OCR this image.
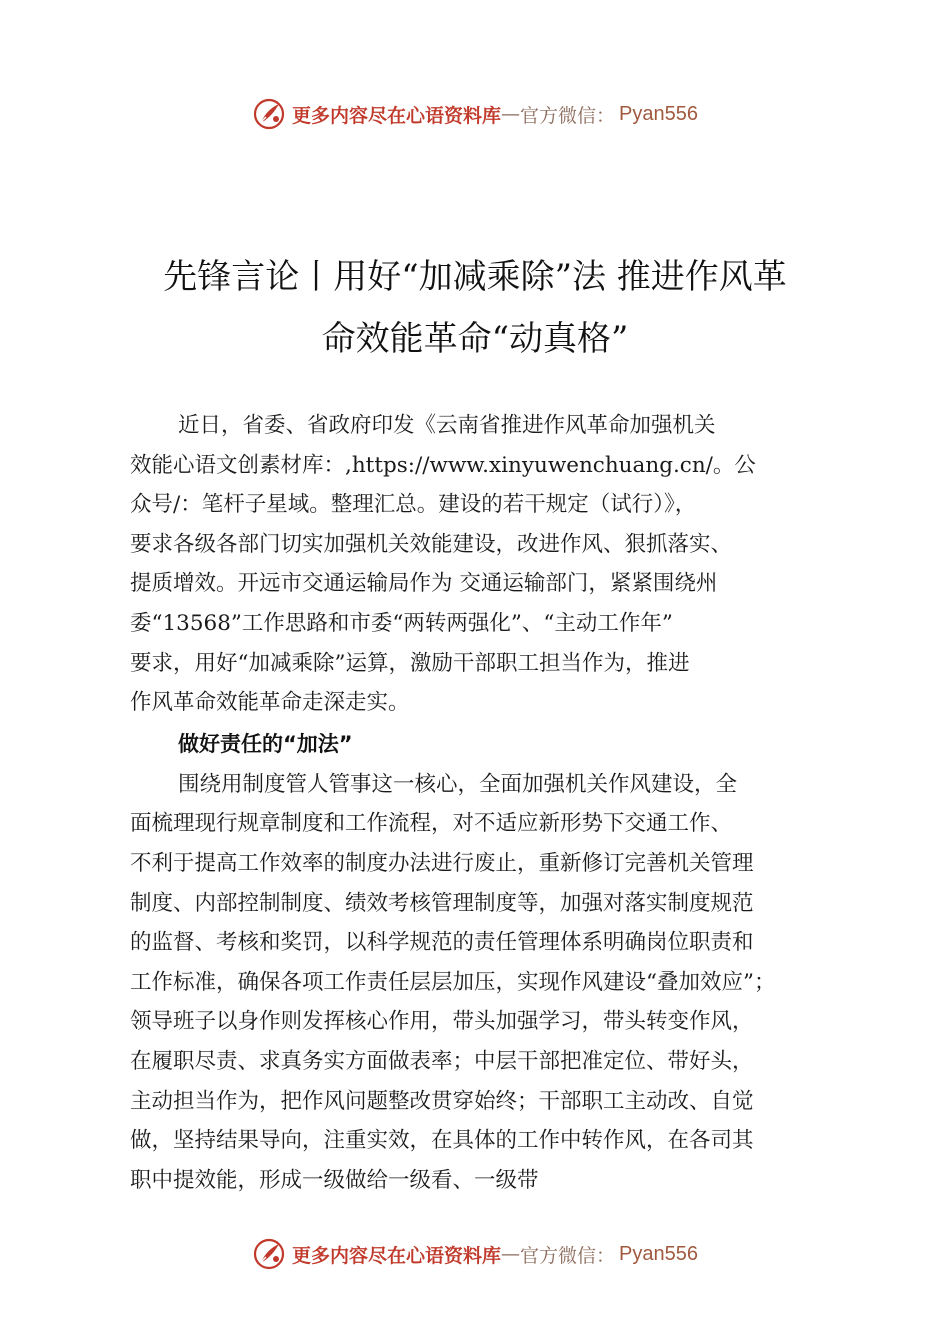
更多内容尽在心语资料库 — 官方微信： Pyan556
先锋言论丨用好“加减乘除”法 推进作风革
命效能革命“动真格”
近日，省委、省政府印发《云南省推进作风革命加强机关
效能心语文创素材库：,https://www.xinyuwenchuang.cn/。公
众号/：笔杆子星域。整理汇总。建设的若干规定（试行）》，
要求各级各部门切实加强机关效能建设，改进作风、狠抓落实、
提质增效。开远市交通运输局作为 交通运输部门，紧紧围绕州
委“13568”工作思路和市委“两转两强化”、“主动工作年”
要求，用好“加减乘除”运算，激励干部职工担当作为，推进
作风革命效能革命走深走实。
做好责任的“加法”
围绕用制度管人管事这一核心，全面加强机关作风建设，全
面梳理现行规章制度和工作流程，对不适应新形势下交通工作、
不利于提高工作效率的制度办法进行废止，重新修订完善机关管理
制度、内部控制制度、绩效考核管理制度等，加强对落实制度规范
的监督、考核和奖罚，以科学规范的责任管理体系明确岗位职责和
工作标准，确保各项工作责任层层加压，实现作风建设“叠加效应”；
领导班子以身作则发挥核心作用，带头加强学习，带头转变作风，
在履职尽责、求真务实方面做表率；中层干部把准定位、带好头，
主动担当作为，把作风问题整改贯穿始终；干部职工主动改、自觉
做，坚持结果导向，注重实效，在具体的工作中转作风，在各司其
职中提效能，形成一级做给一级看、一级带
更多内容尽在心语资料库 — 官方微信： Pyan556
